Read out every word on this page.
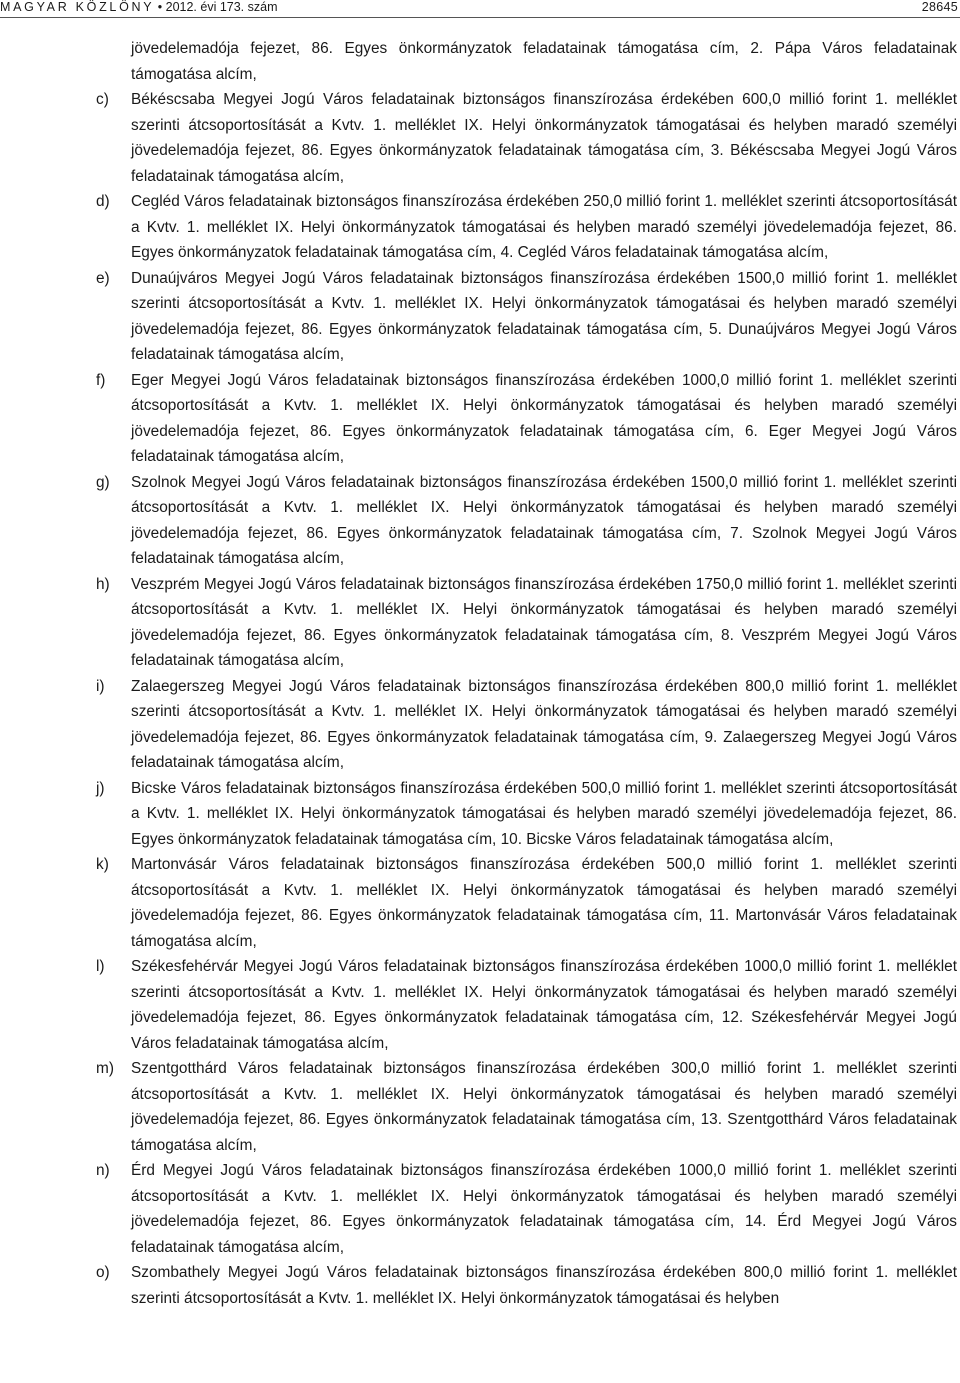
MAGYAR KÖZLÖNY • 2012. évi 173. szám	28645
jövedelemadója fejezet, 86. Egyes önkormányzatok feladatainak támogatása cím, 2. Pápa Város feladatainak támogatása alcím,
c) Békéscsaba Megyei Jogú Város feladatainak biztonságos finanszírozása érdekében 600,0 millió forint 1. melléklet szerinti átcsoportosítását a Kvtv. 1. melléklet IX. Helyi önkormányzatok támogatásai és helyben maradó személyi jövedelemadója fejezet, 86. Egyes önkormányzatok feladatainak támogatása cím, 3. Békéscsaba Megyei Jogú Város feladatainak támogatása alcím,
d) Cegléd Város feladatainak biztonságos finanszírozása érdekében 250,0 millió forint 1. melléklet szerinti átcsoportosítását a Kvtv. 1. melléklet IX. Helyi önkormányzatok támogatásai és helyben maradó személyi jövedelemadója fejezet, 86. Egyes önkormányzatok feladatainak támogatása cím, 4. Cegléd Város feladatainak támogatása alcím,
e) Dunaújváros Megyei Jogú Város feladatainak biztonságos finanszírozása érdekében 1500,0 millió forint 1. melléklet szerinti átcsoportosítását a Kvtv. 1. melléklet IX. Helyi önkormányzatok támogatásai és helyben maradó személyi jövedelemadója fejezet, 86. Egyes önkormányzatok feladatainak támogatása cím, 5. Dunaújváros Megyei Jogú Város feladatainak támogatása alcím,
f) Eger Megyei Jogú Város feladatainak biztonságos finanszírozása érdekében 1000,0 millió forint 1. melléklet szerinti átcsoportosítását a Kvtv. 1. melléklet IX. Helyi önkormányzatok támogatásai és helyben maradó személyi jövedelemadója fejezet, 86. Egyes önkormányzatok feladatainak támogatása cím, 6. Eger Megyei Jogú Város feladatainak támogatása alcím,
g) Szolnok Megyei Jogú Város feladatainak biztonságos finanszírozása érdekében 1500,0 millió forint 1. melléklet szerinti átcsoportosítását a Kvtv. 1. melléklet IX. Helyi önkormányzatok támogatásai és helyben maradó személyi jövedelemadója fejezet, 86. Egyes önkormányzatok feladatainak támogatása cím, 7. Szolnok Megyei Jogú Város feladatainak támogatása alcím,
h) Veszprém Megyei Jogú Város feladatainak biztonságos finanszírozása érdekében 1750,0 millió forint 1. melléklet szerinti átcsoportosítását a Kvtv. 1. melléklet IX. Helyi önkormányzatok támogatásai és helyben maradó személyi jövedelemadója fejezet, 86. Egyes önkormányzatok feladatainak támogatása cím, 8. Veszprém Megyei Jogú Város feladatainak támogatása alcím,
i) Zalaegerszeg Megyei Jogú Város feladatainak biztonságos finanszírozása érdekében 800,0 millió forint 1. melléklet szerinti átcsoportosítását a Kvtv. 1. melléklet IX. Helyi önkormányzatok támogatásai és helyben maradó személyi jövedelemadója fejezet, 86. Egyes önkormányzatok feladatainak támogatása cím, 9. Zalaegerszeg Megyei Jogú Város feladatainak támogatása alcím,
j) Bicske Város feladatainak biztonságos finanszírozása érdekében 500,0 millió forint 1. melléklet szerinti átcsoportosítását a Kvtv. 1. melléklet IX. Helyi önkormányzatok támogatásai és helyben maradó személyi jövedelemadója fejezet, 86. Egyes önkormányzatok feladatainak támogatása cím, 10. Bicske Város feladatainak támogatása alcím,
k) Martonvásár Város feladatainak biztonságos finanszírozása érdekében 500,0 millió forint 1. melléklet szerinti átcsoportosítását a Kvtv. 1. melléklet IX. Helyi önkormányzatok támogatásai és helyben maradó személyi jövedelemadója fejezet, 86. Egyes önkormányzatok feladatainak támogatása cím, 11. Martonvásár Város feladatainak támogatása alcím,
l) Székesfehérvár Megyei Jogú Város feladatainak biztonságos finanszírozása érdekében 1000,0 millió forint 1. melléklet szerinti átcsoportosítását a Kvtv. 1. melléklet IX. Helyi önkormányzatok támogatásai és helyben maradó személyi jövedelemadója fejezet, 86. Egyes önkormányzatok feladatainak támogatása cím, 12. Székesfehérvár Megyei Jogú Város feladatainak támogatása alcím,
m) Szentgotthárd Város feladatainak biztonságos finanszírozása érdekében 300,0 millió forint 1. melléklet szerinti átcsoportosítását a Kvtv. 1. melléklet IX. Helyi önkormányzatok támogatásai és helyben maradó személyi jövedelemadója fejezet, 86. Egyes önkormányzatok feladatainak támogatása cím, 13. Szentgotthárd Város feladatainak támogatása alcím,
n) Érd Megyei Jogú Város feladatainak biztonságos finanszírozása érdekében 1000,0 millió forint 1. melléklet szerinti átcsoportosítását a Kvtv. 1. melléklet IX. Helyi önkormányzatok támogatásai és helyben maradó személyi jövedelemadója fejezet, 86. Egyes önkormányzatok feladatainak támogatása cím, 14. Érd Megyei Jogú Város feladatainak támogatása alcím,
o) Szombathely Megyei Jogú Város feladatainak biztonságos finanszírozása érdekében 800,0 millió forint 1. melléklet szerinti átcsoportosítását a Kvtv. 1. melléklet IX. Helyi önkormányzatok támogatásai és helyben
